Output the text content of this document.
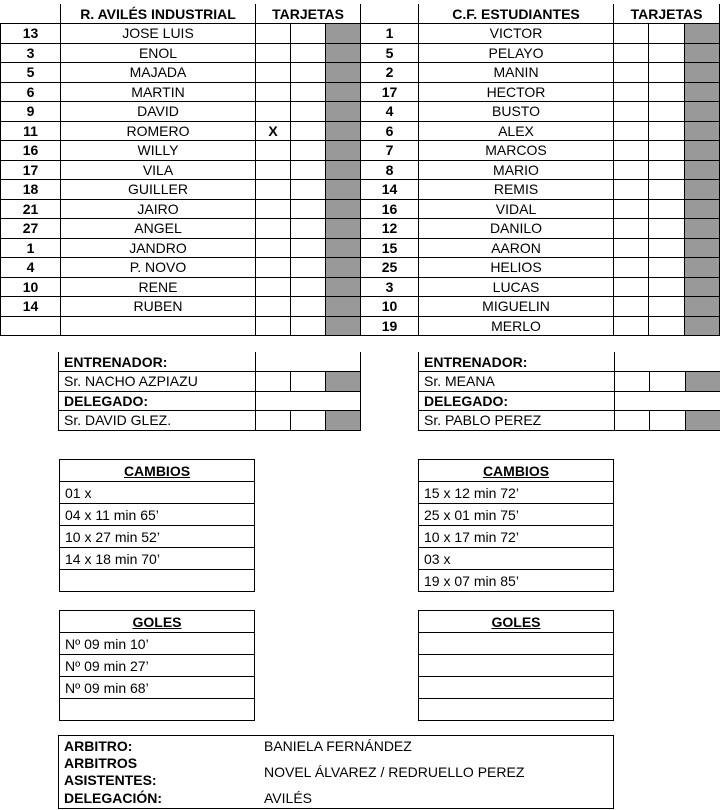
	R. AVILÉS INDUSTRIAL	TARJETAS		
13	JOSE LUIS			
3	ENOL			
5	MAJADA			
6	MARTIN			
9	DAVID			
11	ROMERO	X		
16	WILLY			
17	VILA			
18	GUILLER			
21	JAIRO			
27	ANGEL			
1	JANDRO			
4	P. NOVO			
10	RENE			
14	RUBEN			

	C.F. ESTUDIANTES	TARJETAS		
1	VICTOR			
5	PELAYO			
2	MANIN			
17	HECTOR			
4	BUSTO			
6	ALEX			
7	MARCOS			
8	MARIO			
14	REMIS			
16	VIDAL			
12	DANILO			
15	AARON			
25	HELIOS			
3	LUCAS			
10	MIGUELIN			
19	MERLO			
ENTRENADOR:			
Sr. NACHO AZPIAZU			
DELEGADO:			
Sr. DAVID GLEZ.			
ENTRENADOR:			
Sr. MEANA			
DELEGADO:			
Sr. PABLO PEREZ			
CAMBIOS
01 x
04 x 11 min 65’
10 x 27 min 52’
14 x 18 min 70’

CAMBIOS
15 x 12 min 72’
25 x 01 min 75’
10 x 17 min 72’
03 x
19 x 07 min 85’
GOLES
Nº 09 min 10’
Nº 09 min 27’
Nº 09 min 68’

GOLES

ARBITRO:	BANIELA FERNÁNDEZ
ARBITROS
ASISTENTES:	NOVEL ÁLVAREZ / REDRUELLO PEREZ
DELEGACIÓN:	AVILÉS
